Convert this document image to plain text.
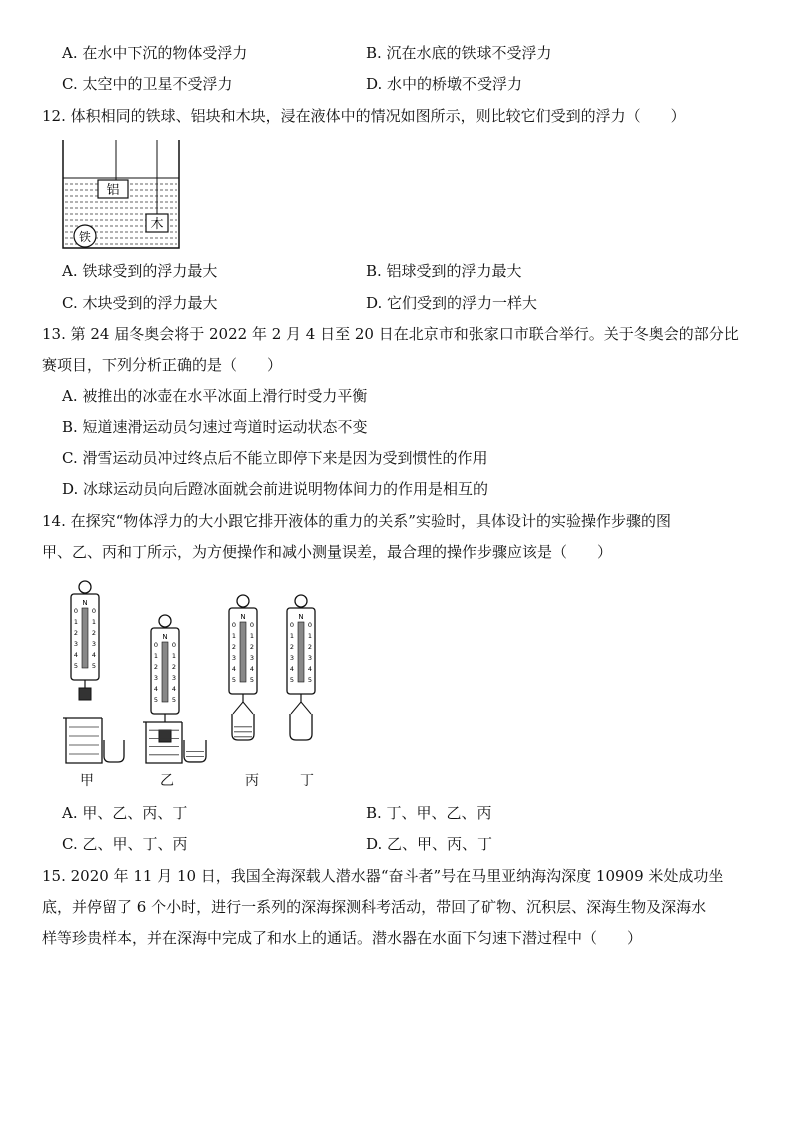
A. 在水中下沉的物体受浮力	B. 沉在水底的铁球不受浮力
C. 太空中的卫星不受浮力	D. 水中的桥墩不受浮力
12. 体积相同的铁球、铝块和木块，浸在液体中的情况如图所示，则比较它们受到的浮力（　　）
铝
木
铁
A. 铁球受到的浮力最大	B. 铝球受到的浮力最大
C. 木块受到的浮力最大	D. 它们受到的浮力一样大
13. 第 24 届冬奥会将于 2022 年 2 月 4 日至 20 日在北京市和张家口市联合举行。关于冬奥会的部分比
赛项目，下列分析正确的是（　　）
A. 被推出的冰壶在水平冰面上滑行时受力平衡
B. 短道速滑运动员匀速过弯道时运动状态不变
C. 滑雪运动员冲过终点后不能立即停下来是因为受到惯性的作用
D. 冰球运动员向后蹬冰面就会前进说明物体间力的作用是相互的
14. 在探究“物体浮力的大小跟它排开液体的重力的关系”实验时，具体设计的实验操作步骤的图
甲、乙、丙和丁所示，为方便操作和减小测量误差，最合理的操作步骤应该是（　　）
N
0 0
1 1
2 2
3 3
4 4
5 5
N
0 0
1 1
2 2
3 3
4 4
5 5
N
0 0
1 1
2 2
3 3
4 4
5 5
N
0 0
1 1
2 2
3 3
4 4
5 5
甲	乙	丙	丁
A. 甲、乙、丙、丁	B. 丁、甲、乙、丙
C. 乙、甲、丁、丙	D. 乙、甲、丙、丁
15. 2020 年 11 月 10 日，我国全海深载人潜水器“奋斗者”号在马里亚纳海沟深度 10909 米处成功坐
底，并停留了 6 个小时，进行一系列的深海探测科考活动，带回了矿物、沉积层、深海生物及深海水
样等珍贵样本，并在深海中完成了和水上的通话。潜水器在水面下匀速下潜过程中（　　）
